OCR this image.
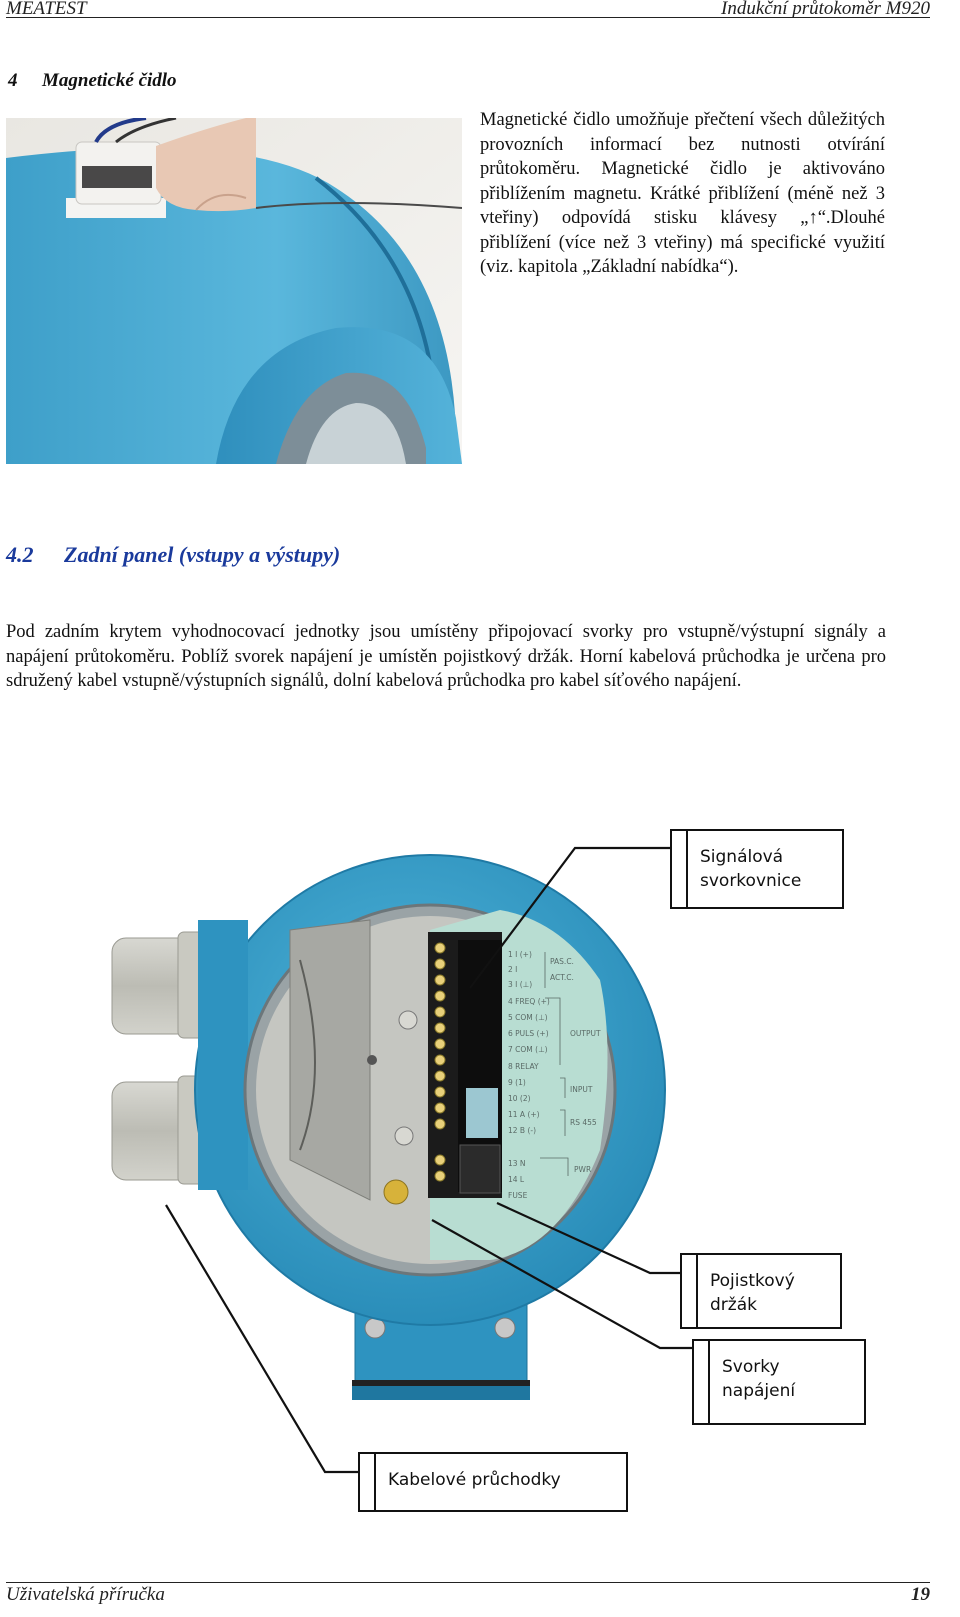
MEATEST	Indukční průtokoměr M920
4 Magnetické čidlo
Magnetické čidlo umožňuje přečtení všech důležitých provozních informací bez nutnosti otvírání průtokoměru. Magnetické čidlo je aktivováno přiblížením magnetu. Krátké přiblížení (méně než 3 vteřiny) odpovídá stisku klávesy „↑“.Dlouhé přiblížení (více než 3 vteřiny) má specifické využití (viz. kapitola „Základní nabídka“).
4.2 Zadní panel (vstupy a výstupy)
Pod zadním krytem vyhodnocovací jednotky jsou umístěny připojovací svorky pro vstupně/výstupní signály a napájení průtokoměru. Poblíž svorek napájení je umístěn pojistkový držák. Horní kabelová průchodka je určena pro sdružený kabel vstupně/výstupních signálů, dolní kabelová průchodka pro kabel síťového napájení.
1 I (+)
2 I
3 I (⊥)
4 FREQ (+)
5 COM (⊥)
6 PULS (+)
7 COM (⊥)
8 RELAY
9 (1)
10 (2)
11 A (+)
12 B (-)
13 N
14 L
FUSE
PAS.C.
ACT.C.
OUTPUT
INPUT
RS 455
PWR
Signálová
svorkovnice
Pojistkový
držák
Svorky
napájení
Kabelové průchodky
Uživatelská příručka	19
